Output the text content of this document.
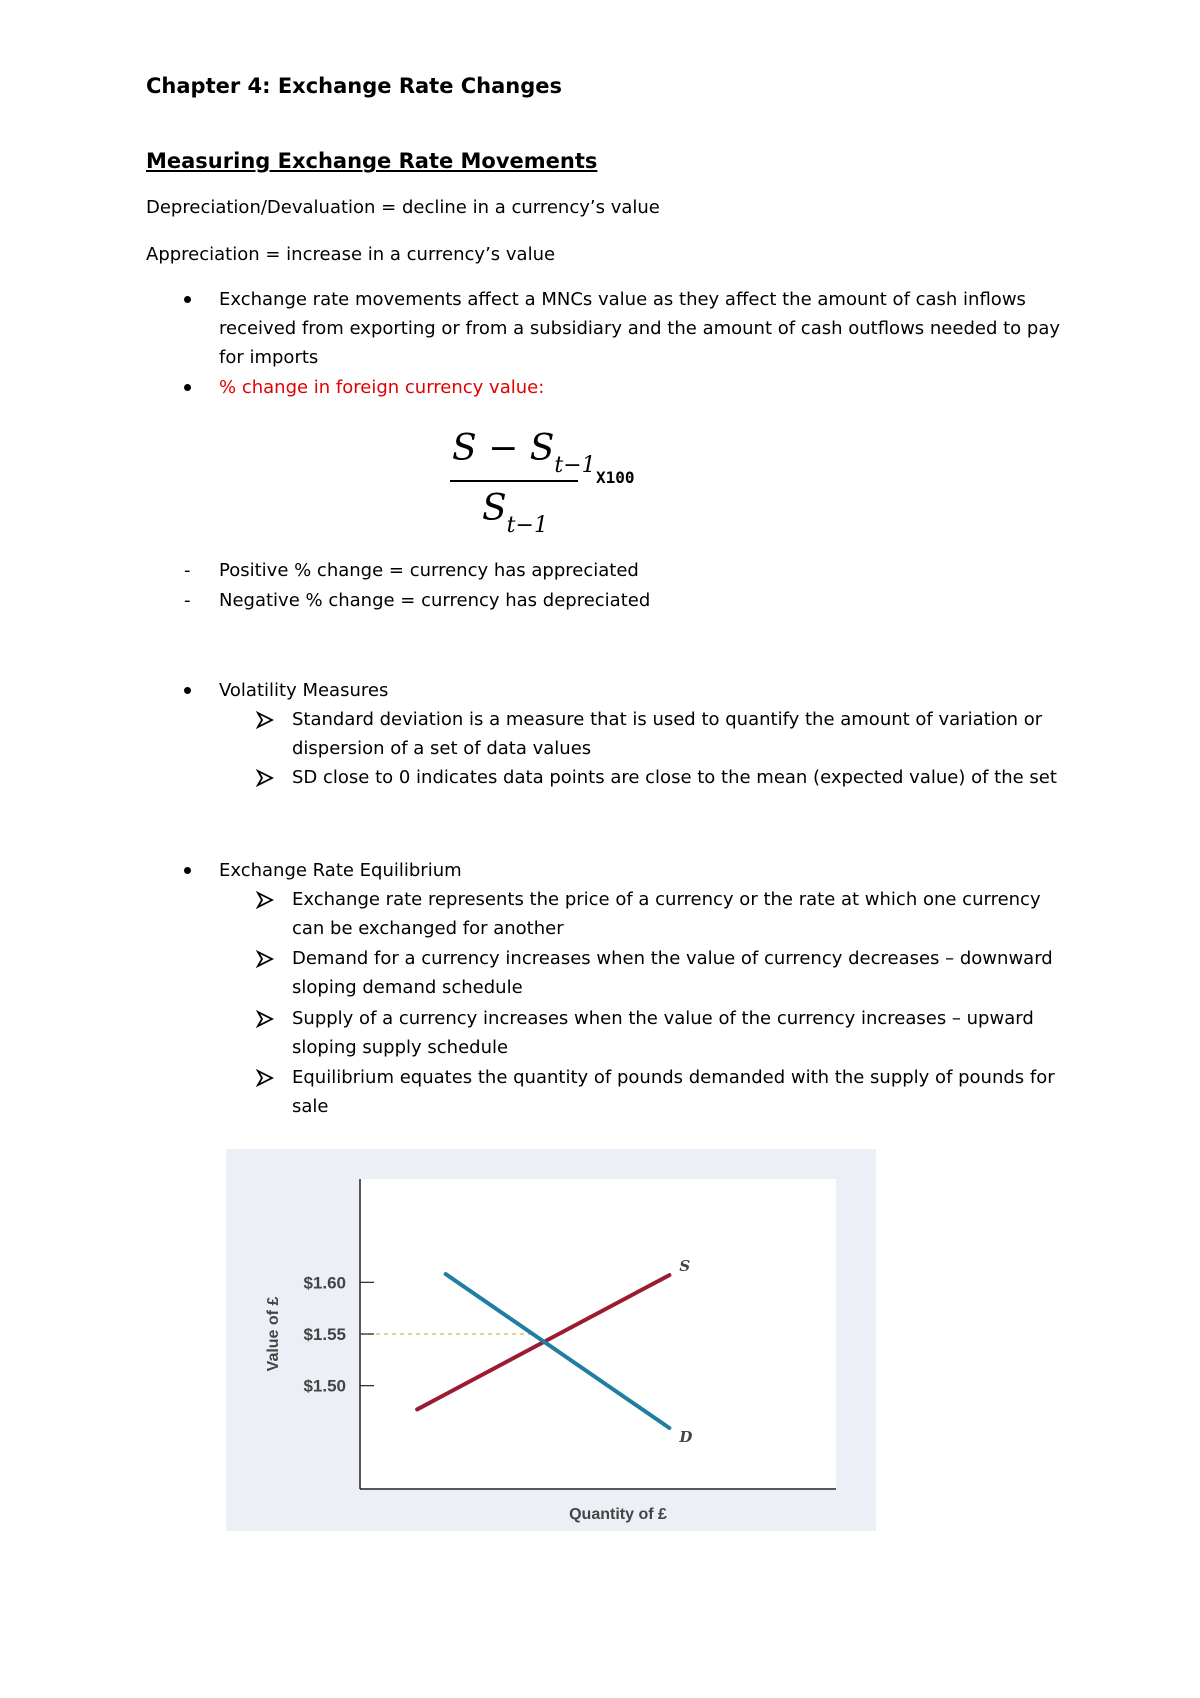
Chapter 4: Exchange Rate Changes
Measuring Exchange Rate Movements
Depreciation/Devaluation = decline in a currency’s value
Appreciation = increase in a currency’s value
Exchange rate movements affect a MNCs value as they affect the amount of cash inflows
received from exporting or from a subsidiary and the amount of cash outflows needed to pay
for imports
% change in foreign currency value:
$S - S_{t-1}$
$S_{t-1}$
X100
- Positive % change = currency has appreciated
- Negative % change = currency has depreciated
Volatility Measures
Standard deviation is a measure that is used to quantify the amount of variation or
dispersion of a set of data values
SD close to 0 indicates data points are close to the mean (expected value) of the set
Exchange Rate Equilibrium
Exchange rate represents the price of a currency or the rate at which one currency
can be exchanged for another
Demand for a currency increases when the value of currency decreases – downward
sloping demand schedule
Supply of a currency increases when the value of the currency increases – upward
sloping supply schedule
Equilibrium equates the quantity of pounds demanded with the supply of pounds for
sale
$1.60
$1.55
$1.50
S
D
Quantity of £
Value of £
